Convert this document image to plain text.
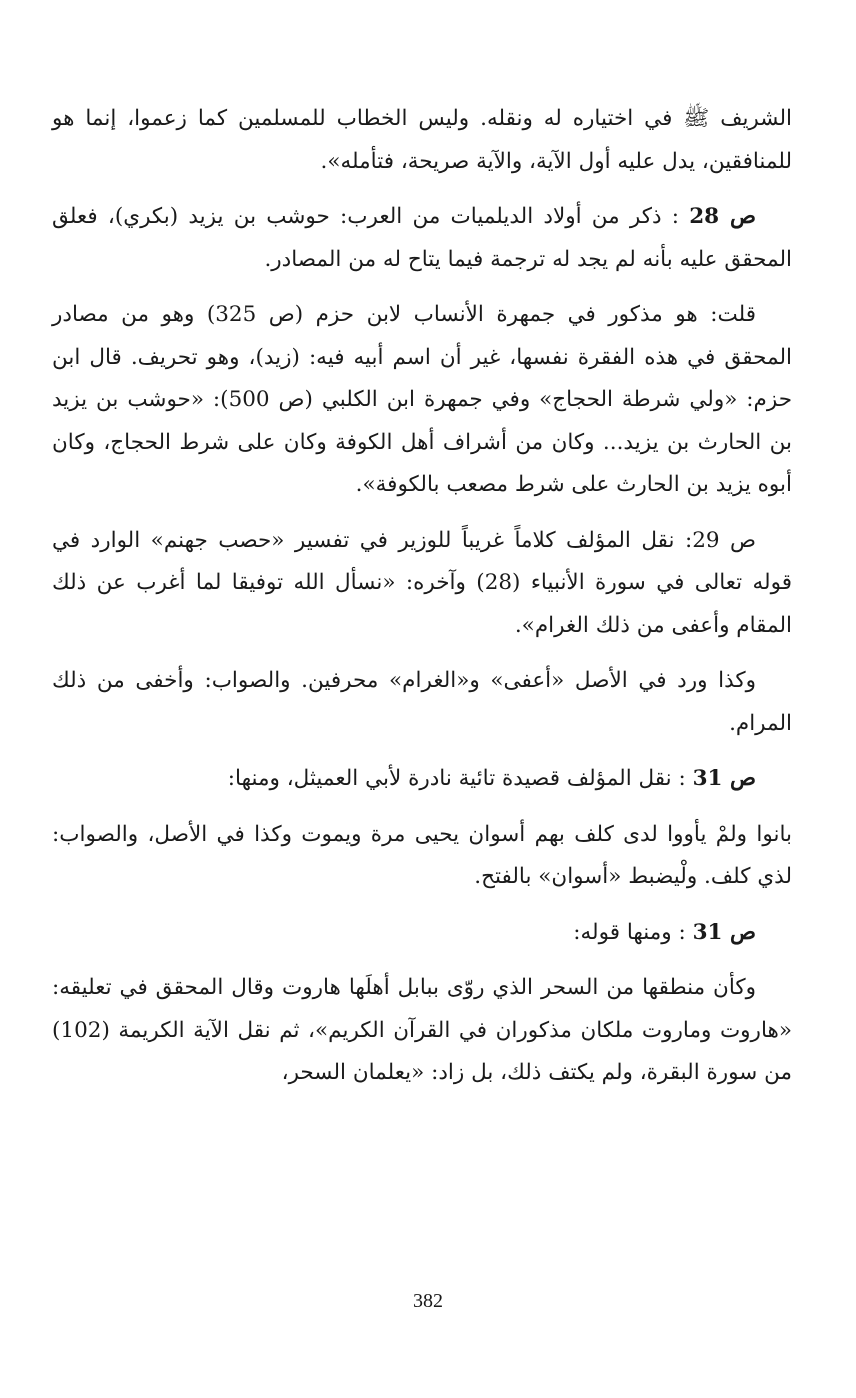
الشريف ﷺ في اختياره له ونقله. وليس الخطاب للمسلمين كما زعموا، إنما هو للمنافقين، يدل عليه أول الآية، والآية صريحة، فتأمله».

ص 28 : ذكر من أولاد الديلميات من العرب: حوشب بن يزيد (بكري)، فعلق المحقق عليه بأنه لم يجد له ترجمة فيما يتاح له من المصادر.

قلت: هو مذكور في جمهرة الأنساب لابن حزم (ص 325) وهو من مصادر المحقق في هذه الفقرة نفسها، غير أن اسم أبيه فيه: (زيد)، وهو تحريف. قال ابن حزم: «ولي شرطة الحجاج» وفي جمهرة ابن الكلبي (ص 500): «حوشب بن يزيد بن الحارث بن يزيد... وكان من أشراف أهل الكوفة وكان على شرط الحجاج، وكان أبوه يزيد بن الحارث على شرط مصعب بالكوفة».

ص 29: نقل المؤلف كلاماً غريباً للوزير في تفسير «حصب جهنم» الوارد في قوله تعالى في سورة الأنبياء (28) وآخره: «نسأل الله توفيقا لما أغرب عن ذلك المقام وأعفى من ذلك الغرام».

وكذا ورد في الأصل «أعفى» و«الغرام» محرفين. والصواب: وأخفى من ذلك المرام.

ص 31 : نقل المؤلف قصيدة تائية نادرة لأبي العميثل، ومنها:

بانوا ولمْ يأووا لدى كلف بهم أسوان يحيى مرة ويموت وكذا في الأصل، والصواب: لذي كلف. ولْيضبط «أسوان» بالفتح.

ص 31 : ومنها قوله:

وكأن منطقها من السحر الذي روّى ببابل أهلَها هاروت وقال المحقق في تعليقه: «هاروت وماروت ملكان مذكوران في القرآن الكريم»، ثم نقل الآية الكريمة (102) من سورة البقرة، ولم يكتف ذلك، بل زاد: «يعلمان السحر،

382
